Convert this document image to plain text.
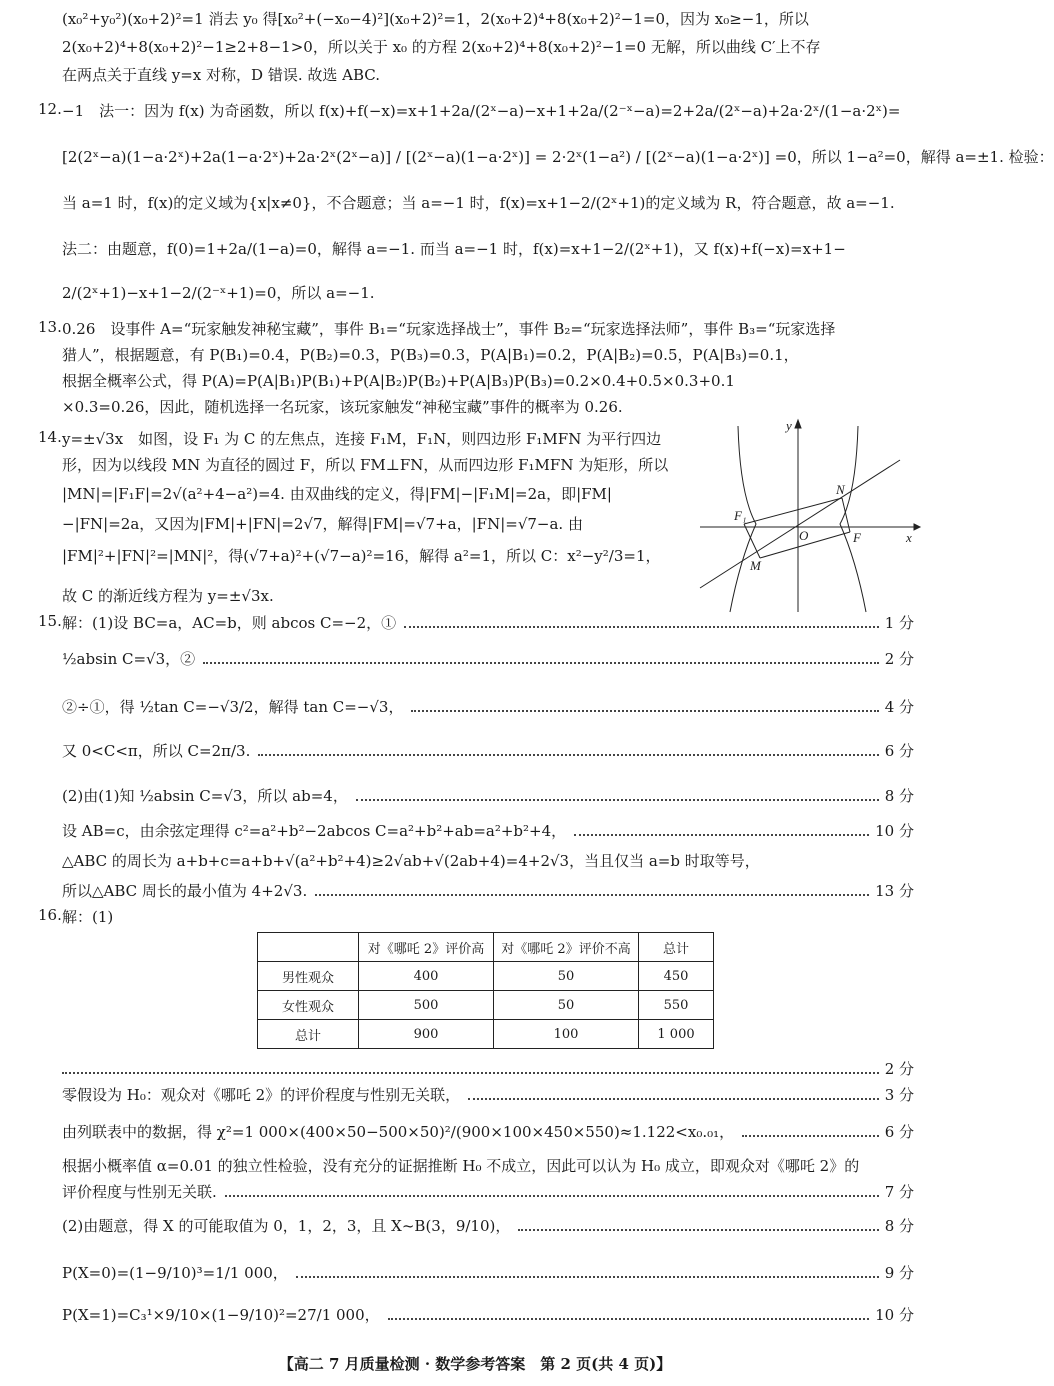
(x₀²+y₀²)(x₀+2)²=1 消去 y₀ 得[x₀²+(−x₀−4)²](x₀+2)²=1，2(x₀+2)⁴+8(x₀+2)²−1=0，因为 x₀≥−1，所以
2(x₀+2)⁴+8(x₀+2)²−1≥2+8−1>0，所以关于 x₀ 的方程 2(x₀+2)⁴+8(x₀+2)²−1=0 无解，所以曲线 C′上不存
在两点关于直线 y=x 对称，D 错误. 故选 ABC.
12. −1　法一：因为 f(x) 为奇函数，所以 f(x)+f(−x)=x+1+2a/(2ˣ−a)−x+1+2a/(2⁻ˣ−a)=2+2a/(2ˣ−a)+2a·2ˣ/(1−a·2ˣ)=
[2(2ˣ−a)(1−a·2ˣ)+2a(1−a·2ˣ)+2a·2ˣ(2ˣ−a)] / [(2ˣ−a)(1−a·2ˣ)] = 2·2ˣ(1−a²) / [(2ˣ−a)(1−a·2ˣ)] =0，所以 1−a²=0，解得 a=±1. 检验：
当 a=1 时，f(x)的定义域为{x|x≠0}，不合题意；当 a=−1 时，f(x)=x+1−2/(2ˣ+1)的定义域为 R，符合题意，故 a=−1.
法二：由题意，f(0)=1+2a/(1−a)=0，解得 a=−1. 而当 a=−1 时，f(x)=x+1−2/(2ˣ+1)，又 f(x)+f(−x)=x+1−
2/(2ˣ+1)−x+1−2/(2⁻ˣ+1)=0，所以 a=−1.
13. 0.26　设事件 A=“玩家触发神秘宝藏”，事件 B₁=“玩家选择战士”，事件 B₂=“玩家选择法师”，事件 B₃=“玩家选择
猎人”，根据题意，有 P(B₁)=0.4，P(B₂)=0.3，P(B₃)=0.3，P(A|B₁)=0.2，P(A|B₂)=0.5，P(A|B₃)=0.1，
根据全概率公式，得 P(A)=P(A|B₁)P(B₁)+P(A|B₂)P(B₂)+P(A|B₃)P(B₃)=0.2×0.4+0.5×0.3+0.1
×0.3=0.26，因此，随机选择一名玩家，该玩家触发“神秘宝藏”事件的概率为 0.26.
14. y=±√3x　如图，设 F₁ 为 C 的左焦点，连接 F₁M，F₁N，则四边形 F₁MFN 为平行四边
形，因为以线段 MN 为直径的圆过 F，所以 FM⊥FN，从而四边形 F₁MFN 为矩形，所以
|MN|=|F₁F|=2√(a²+4−a²)=4. 由双曲线的定义，得|FM|−|F₁M|=2a，即|FM|
−|FN|=2a，又因为|FM|+|FN|=2√7，解得|FM|=√7+a，|FN|=√7−a. 由
|FM|²+|FN|²=|MN|²，得(√7+a)²+(√7−a)²=16，解得 a²=1，所以 C：x²−y²/3=1，
故 C 的渐近线方程为 y=±√3x.
y
x
F₁
N
O	F
M
15. 解：(1)设 BC=a，AC=b，则 abcos C=−2，①	1 分
½absin C=√3，②	2 分
②÷①，得 ½tan C=−√3/2，解得 tan C=−√3，	4 分
又 0<C<π，所以 C=2π/3.	6 分
(2)由(1)知 ½absin C=√3，所以 ab=4，	8 分
设 AB=c，由余弦定理得 c²=a²+b²−2abcos C=a²+b²+ab=a²+b²+4，	10 分
△ABC 的周长为 a+b+c=a+b+√(a²+b²+4)≥2√ab+√(2ab+4)=4+2√3，当且仅当 a=b 时取等号，
所以△ABC 周长的最小值为 4+2√3.	13 分
16. 解：(1)
	对《哪吒 2》评价高	对《哪吒 2》评价不高	总计
男性观众	400	50	450
女性观众	500	50	550
总计	900	100	1 000
2 分
零假设为 H₀：观众对《哪吒 2》的评价程度与性别无关联，	3 分
由列联表中的数据，得 χ²=1 000×(400×50−500×50)²/(900×100×450×550)≈1.122<x₀.₀₁，	6 分
根据小概率值 α=0.01 的独立性检验，没有充分的证据推断 H₀ 不成立，因此可以认为 H₀ 成立，即观众对《哪吒 2》的
评价程度与性别无关联.	7 分
(2)由题意，得 X 的可能取值为 0，1，2，3，且 X~B(3，9/10)，	8 分
P(X=0)=(1−9/10)³=1/1 000，	9 分
P(X=1)=C₃¹×9/10×(1−9/10)²=27/1 000，	10 分
【高二 7 月质量检测 · 数学参考答案　第 2 页(共 4 页)】
